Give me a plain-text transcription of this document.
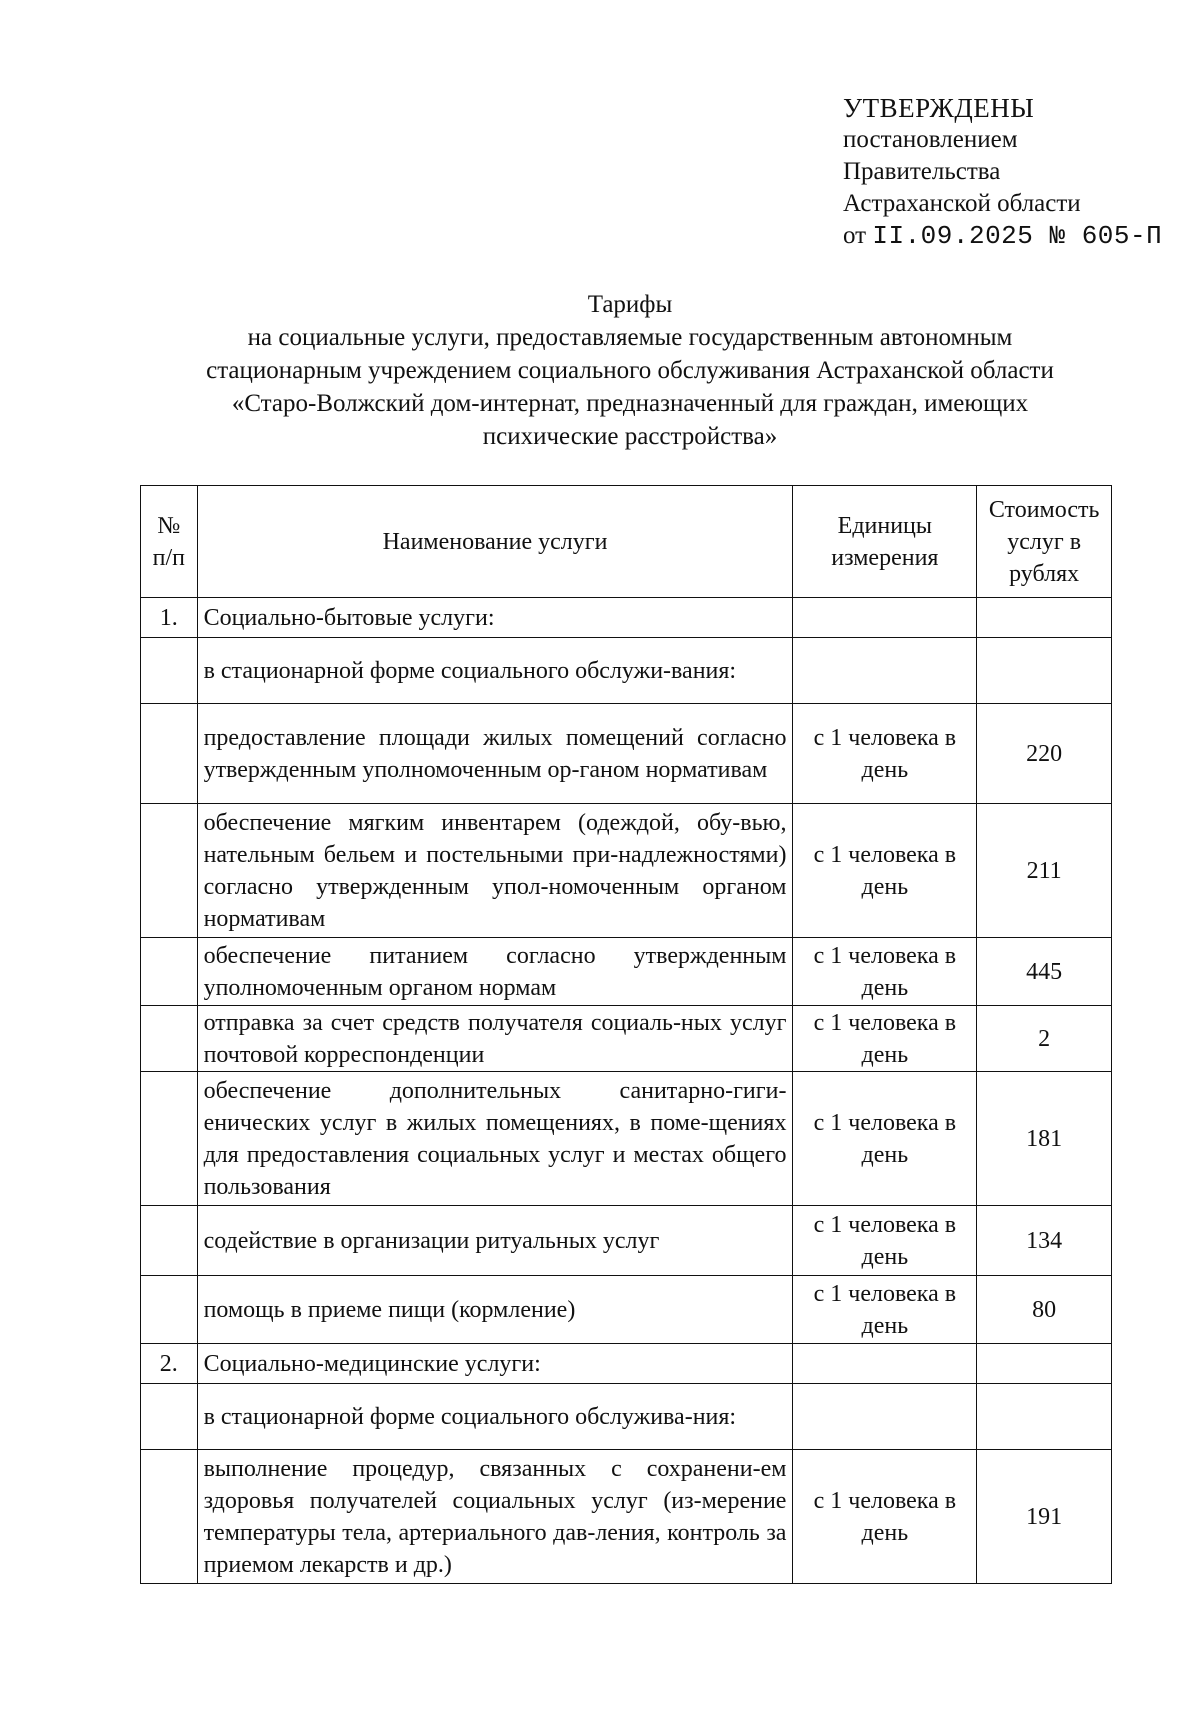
УТВЕРЖДЕНЫ
постановлением
Правительства
Астраханской области
от II.09.2025 № 605-П
Тарифы
на социальные услуги, предоставляемые государственным автономным
стационарным учреждением социального обслуживания Астраханской области
«Старо-Волжский дом-интернат, предназначенный для граждан, имеющих
психические расстройства»
№ п/п	Наименование услуги	Единицы измерения	Стоимость услуг в рублях
1.	Социально-бытовые услуги:		
	в стационарной форме социального обслужи-вания:		
	предоставление площади жилых помещений согласно утвержденным уполномоченным ор-ганом нормативам	с 1 человека в день	220
	обеспечение мягким инвентарем (одеждой, обу-вью, нательным бельем и постельными при-надлежностями) согласно утвержденным упол-номоченным органом нормативам	с 1 человека в день	211
	обеспечение питанием согласно утвержденным уполномоченным органом нормам	с 1 человека в день	445
	отправка за счет средств получателя социаль-ных услуг почтовой корреспонденции	с 1 человека в день	2
	обеспечение дополнительных санитарно-гиги-енических услуг в жилых помещениях, в поме-щениях для предоставления социальных услуг и местах общего пользования	с 1 человека в день	181
	содействие в организации ритуальных услуг	с 1 человека в день	134
	помощь в приеме пищи (кормление)	с 1 человека в день	80
2.	Социально-медицинские услуги:		
	в стационарной форме социального обслужива-ния:		
	выполнение процедур, связанных с сохранени-ем здоровья получателей социальных услуг (из-мерение температуры тела, артериального дав-ления, контроль за приемом лекарств и др.)	с 1 человека в день	191
